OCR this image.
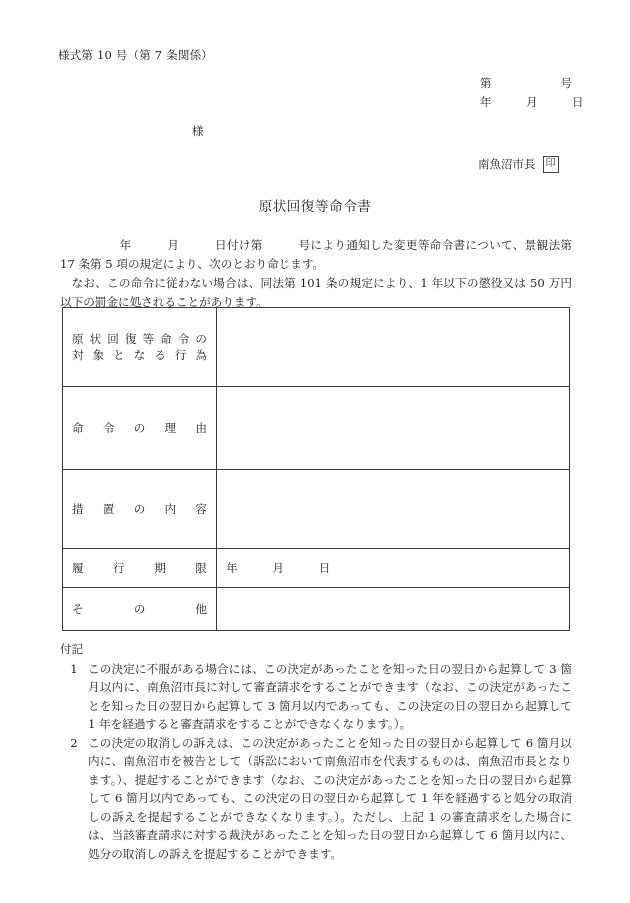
様式第 10 号（第 7 条関係）
第　　　　　　号
年　　　月　　　日
様
南魚沼市長	印
原状回復等命令書

　　　　　年　　　月　　　日付け第　　　号により通知した変更等命令書について、景観法第 17 条第 5 項の規定により、次のとおり命じます。

なお、この命令に従わない場合は、同法第 101 条の規定により、1 年以下の懲役又は 50 万円以下の罰金に処されることがあります。

原状回復等命令の
対象となる行為	

命令の理由	

措置の内容	

履行期限	年　　　月　　　日

その他	

付記

1 この決定に不服がある場合には、この決定があったことを知った日の翌日から起算して 3 箇月以内に、南魚沼市長に対して審査請求をすることができます（なお、この決定があったことを知った日の翌日から起算して 3 箇月以内であっても、この決定の日の翌日から起算して 1 年を経過すると審査請求をすることができなくなります。）。
2 この決定の取消しの訴えは、この決定があったことを知った日の翌日から起算して 6 箇月以内に、南魚沼市を被告として（訴訟において南魚沼市を代表するものは、南魚沼市長となります。）、提起することができます（なお、この決定があったことを知った日の翌日から起算して 6 箇月以内であっても、この決定の日の翌日から起算して 1 年を経過すると処分の取消しの訴えを提起することができなくなります。）。ただし、上記 1 の審査請求をした場合には、当該審査請求に対する裁決があったことを知った日の翌日から起算して 6 箇月以内に、処分の取消しの訴えを提起することができます。
